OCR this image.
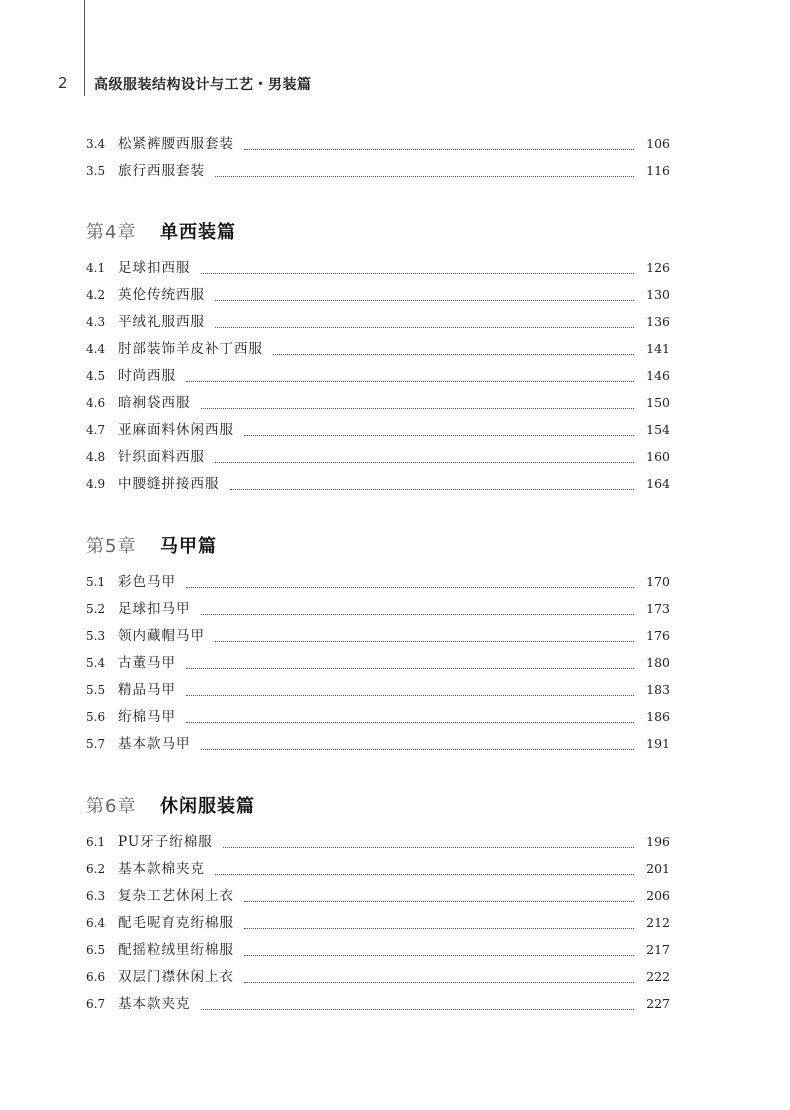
2 高级服装结构设计与工艺・男装篇
3.4 松紧裤腰西服套装	106
3.5 旅行西服套装	116
第4章	单西装篇
4.1 足球扣西服	126
4.2 英伦传统西服	130
4.3 平绒礼服西服	136
4.4 肘部装饰羊皮补丁西服	141
4.5 时尚西服	146
4.6 暗裥袋西服	150
4.7 亚麻面料休闲西服	154
4.8 针织面料西服	160
4.9 中腰缝拼接西服	164
第5章	马甲篇
5.1 彩色马甲	170
5.2 足球扣马甲	173
5.3 领内藏帽马甲	176
5.4 古董马甲	180
5.5 精品马甲	183
5.6 绗棉马甲	186
5.7 基本款马甲	191
第6章	休闲服装篇
6.1 PU牙子绗棉服	196
6.2 基本款棉夹克	201
6.3 复杂工艺休闲上衣	206
6.4 配毛呢育克绗棉服	212
6.5 配摇粒绒里绗棉服	217
6.6 双层门襟休闲上衣	222
6.7 基本款夹克	227
